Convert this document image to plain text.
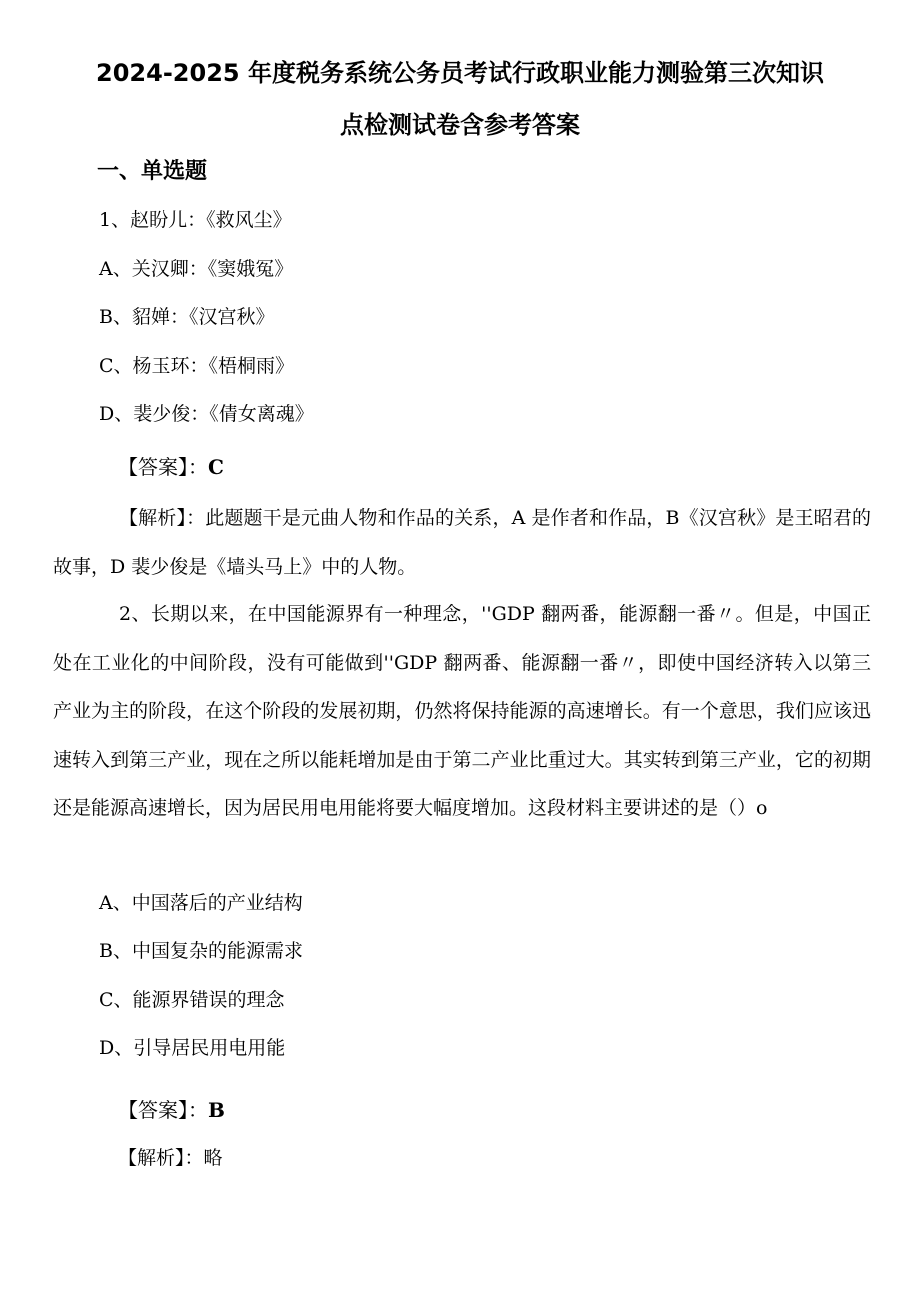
2024-2025 年度税务系统公务员考试行政职业能力测验第三次知识
点检测试卷含参考答案
一、单选题
1、赵盼儿：《救风尘》
A、关汉卿：《窦娥冤》
B、貂婵：《汉宫秋》
C、杨玉环：《梧桐雨》
D、裴少俊：《倩女离魂》
【答案】：C
【解析】：此题题干是元曲人物和作品的关系，A 是作者和作品，B《汉宫秋》是王昭君的故事，D 裴少俊是《墙头马上》中的人物。
2、长期以来，在中国能源界有一种理念，''GDP 翻两番，能源翻一番〃。但是，中国正处在工业化的中间阶段，没有可能做到''GDP 翻两番、能源翻一番〃，即使中国经济转入以第三产业为主的阶段，在这个阶段的发展初期，仍然将保持能源的高速增长。有一个意思，我们应该迅速转入到第三产业，现在之所以能耗增加是由于第二产业比重过大。其实转到第三产业，它的初期还是能源高速增长，因为居民用电用能将要大幅度增加。这段材料主要讲述的是（）o
A、中国落后的产业结构
B、中国复杂的能源需求
C、能源界错误的理念
D、引导居民用电用能
【答案】：B
【解析】：略
